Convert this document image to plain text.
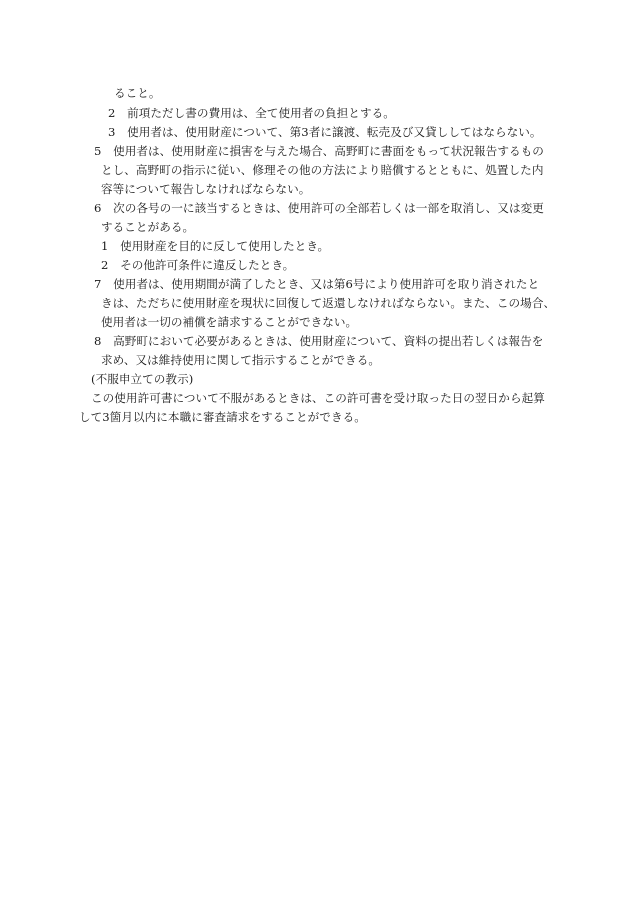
ること。
2　前項ただし書の費用は、全て使用者の負担とする。
3　使用者は、使用財産について、第3者に譲渡、転売及び又貸ししてはならない。
5　使用者は、使用財産に損害を与えた場合、高野町に書面をもって状況報告するもの
とし、高野町の指示に従い、修理その他の方法により賠償するとともに、処置した内
容等について報告しなければならない。
6　次の各号の一に該当するときは、使用許可の全部若しくは一部を取消し、又は変更
することがある。
1　使用財産を目的に反して使用したとき。
2　その他許可条件に違反したとき。
7　使用者は、使用期間が満了したとき、又は第6号により使用許可を取り消されたと
きは、ただちに使用財産を現状に回復して返還しなければならない。また、この場合、
使用者は一切の補償を請求することができない。
8　高野町において必要があるときは、使用財産について、資料の提出若しくは報告を
求め、又は維持使用に関して指示することができる。
(不服申立ての教示)
この使用許可書について不服があるときは、この許可書を受け取った日の翌日から起算
して3箇月以内に本職に審査請求をすることができる。
